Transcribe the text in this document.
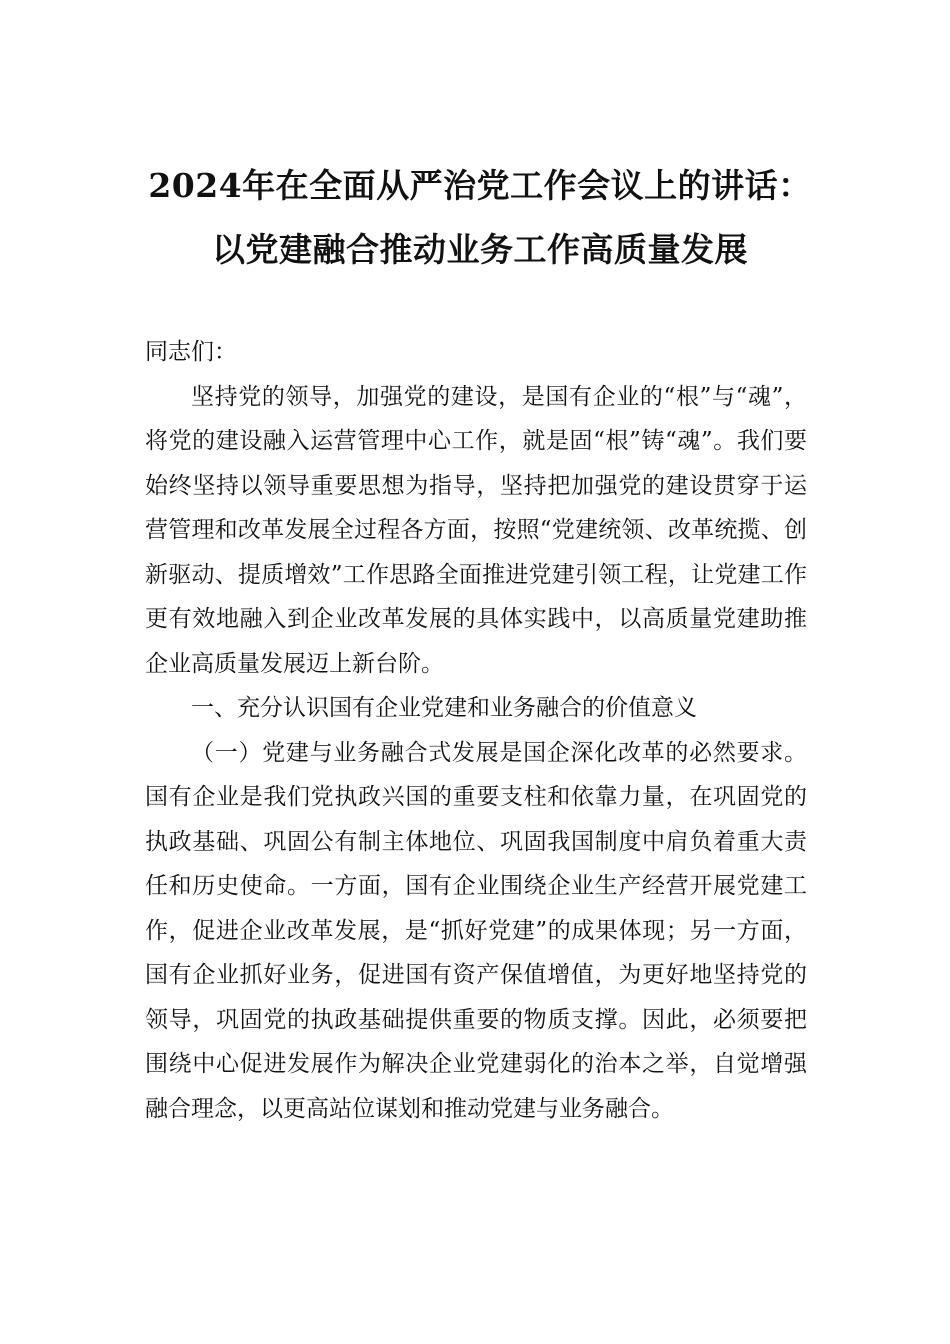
2024年在全面从严治党工作会议上的讲话：
以党建融合推动业务工作高质量发展

同志们：

坚持党的领导，加强党的建设，是国有企业的“根”与“魂”，将党的建设融入运营管理中心工作，就是固“根”铸“魂”。我们要始终坚持以领导重要思想为指导，坚持把加强党的建设贯穿于运营管理和改革发展全过程各方面，按照“党建统领、改革统揽、创新驱动、提质增效”工作思路全面推进党建引领工程，让党建工作更有效地融入到企业改革发展的具体实践中，以高质量党建助推企业高质量发展迈上新台阶。

一、充分认识国有企业党建和业务融合的价值意义

（一）党建与业务融合式发展是国企深化改革的必然要求。国有企业是我们党执政兴国的重要支柱和依靠力量，在巩固党的执政基础、巩固公有制主体地位、巩固我国制度中肩负着重大责任和历史使命。一方面，国有企业围绕企业生产经营开展党建工作，促进企业改革发展，是“抓好党建”的成果体现；另一方面，国有企业抓好业务，促进国有资产保值增值，为更好地坚持党的领导，巩固党的执政基础提供重要的物质支撑。因此，必须要把围绕中心促进发展作为解决企业党建弱化的治本之举，自觉增强融合理念，以更高站位谋划和推动党建与业务融合。
